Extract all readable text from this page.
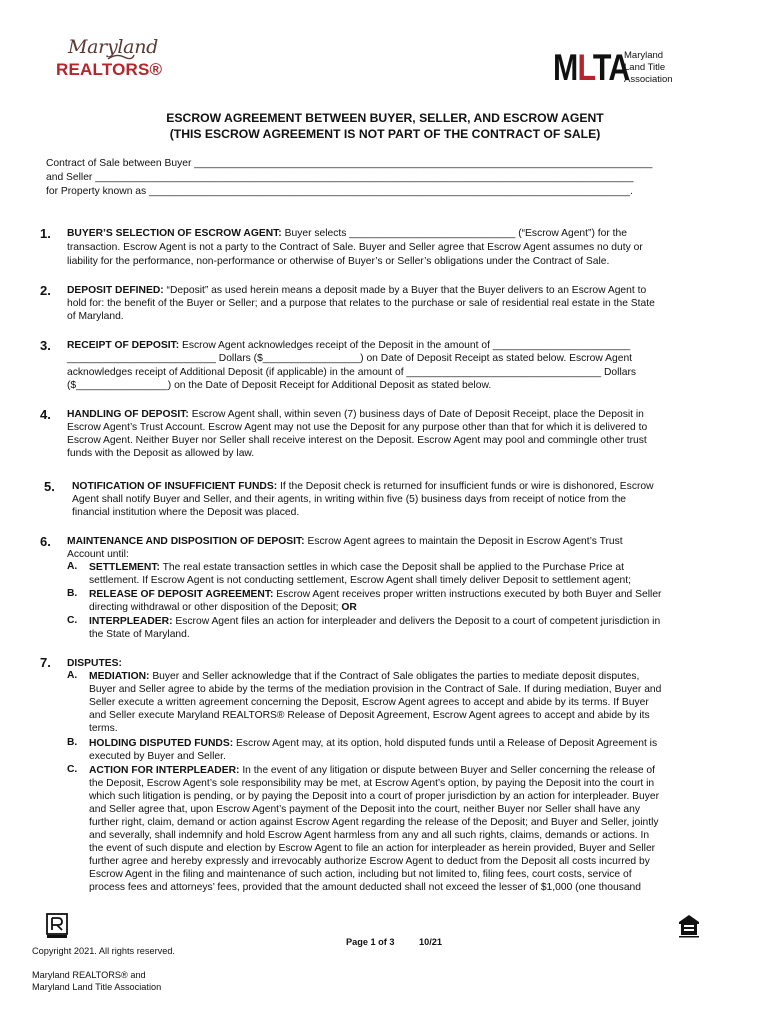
Maryland
REALTORS®	MLTA
Maryland
Land Title
Association
ESCROW AGREEMENT BETWEEN BUYER, SELLER, AND ESCROW AGENT
(THIS ESCROW AGREEMENT IS NOT PART OF THE CONTRACT OF SALE)
Contract of Sale between Buyer ________________________________________________________________________________
and Seller ______________________________________________________________________________________________
for Property known as ____________________________________________________________________________________.
1. BUYER’S SELECTION OF ESCROW AGENT: Buyer selects _____________________________ (“Escrow Agent”) for the
transaction. Escrow Agent is not a party to the Contract of Sale. Buyer and Seller agree that Escrow Agent assumes no duty or
liability for the performance, non-performance or otherwise of Buyer’s or Seller’s obligations under the Contract of Sale.
2. DEPOSIT DEFINED: “Deposit” as used herein means a deposit made by a Buyer that the Buyer delivers to an Escrow Agent to
hold for: the benefit of the Buyer or Seller; and a purpose that relates to the purchase or sale of residential real estate in the State
of Maryland.
3. RECEIPT OF DEPOSIT: Escrow Agent acknowledges receipt of the Deposit in the amount of ________________________
__________________________ Dollars ($_________________) on Date of Deposit Receipt as stated below. Escrow Agent
acknowledges receipt of Additional Deposit (if applicable) in the amount of __________________________________ Dollars
($________________) on the Date of Deposit Receipt for Additional Deposit as stated below.
4. HANDLING OF DEPOSIT: Escrow Agent shall, within seven (7) business days of Date of Deposit Receipt, place the Deposit in
Escrow Agent’s Trust Account. Escrow Agent may not use the Deposit for any purpose other than that for which it is delivered to
Escrow Agent. Neither Buyer nor Seller shall receive interest on the Deposit. Escrow Agent may pool and commingle other trust
funds with the Deposit as allowed by law.
5. NOTIFICATION OF INSUFFICIENT FUNDS: If the Deposit check is returned for insufficient funds or wire is dishonored, Escrow
Agent shall notify Buyer and Seller, and their agents, in writing within five (5) business days from receipt of notice from the
financial institution where the Deposit was placed.
6. MAINTENANCE AND DISPOSITION OF DEPOSIT: Escrow Agent agrees to maintain the Deposit in Escrow Agent’s Trust
Account until:
A. SETTLEMENT: The real estate transaction settles in which case the Deposit shall be applied to the Purchase Price at
settlement. If Escrow Agent is not conducting settlement, Escrow Agent shall timely deliver Deposit to settlement agent;
B. RELEASE OF DEPOSIT AGREEMENT: Escrow Agent receives proper written instructions executed by both Buyer and Seller
directing withdrawal or other disposition of the Deposit; OR
C. INTERPLEADER: Escrow Agent files an action for interpleader and delivers the Deposit to a court of competent jurisdiction in
the State of Maryland.
7. DISPUTES:
A. MEDIATION: Buyer and Seller acknowledge that if the Contract of Sale obligates the parties to mediate deposit disputes,
Buyer and Seller agree to abide by the terms of the mediation provision in the Contract of Sale. If during mediation, Buyer and
Seller execute a written agreement concerning the Deposit, Escrow Agent agrees to accept and abide by its terms. If Buyer
and Seller execute Maryland REALTORS® Release of Deposit Agreement, Escrow Agent agrees to accept and abide by its
terms.
B. HOLDING DISPUTED FUNDS: Escrow Agent may, at its option, hold disputed funds until a Release of Deposit Agreement is
executed by Buyer and Seller.
C. ACTION FOR INTERPLEADER: In the event of any litigation or dispute between Buyer and Seller concerning the release of
the Deposit, Escrow Agent’s sole responsibility may be met, at Escrow Agent’s option, by paying the Deposit into the court in
which such litigation is pending, or by paying the Deposit into a court of proper jurisdiction by an action for interpleader. Buyer
and Seller agree that, upon Escrow Agent’s payment of the Deposit into the court, neither Buyer nor Seller shall have any
further right, claim, demand or action against Escrow Agent regarding the release of the Deposit; and Buyer and Seller, jointly
and severally, shall indemnify and hold Escrow Agent harmless from any and all such rights, claims, demands or actions. In
the event of such dispute and election by Escrow Agent to file an action for interpleader as herein provided, Buyer and Seller
further agree and hereby expressly and irrevocably authorize Escrow Agent to deduct from the Deposit all costs incurred by
Escrow Agent in the filing and maintenance of such action, including but not limited to, filing fees, court costs, service of
process fees and attorneys’ fees, provided that the amount deducted shall not exceed the lesser of $1,000 (one thousand
Page 1 of 3	10/21
Copyright 2021. All rights reserved.
Maryland REALTORS® and
Maryland Land Title Association
